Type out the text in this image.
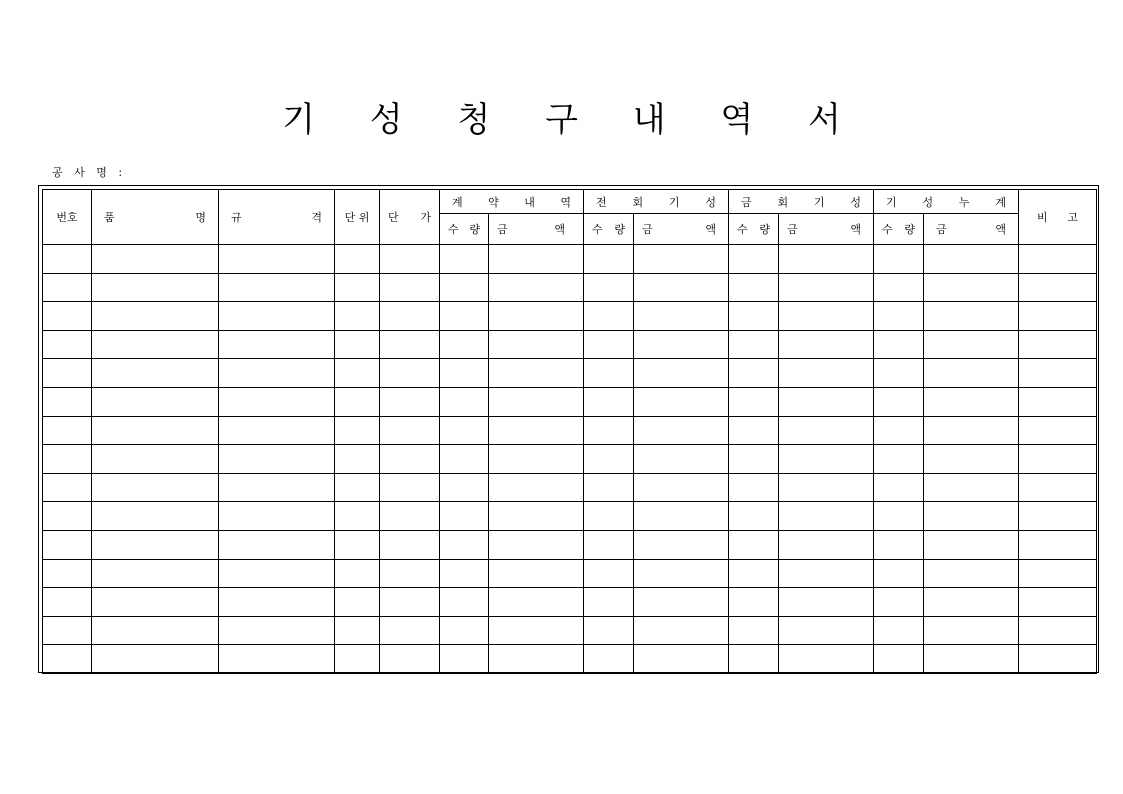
기 성 청 구 내 역 서
공 사 명 :
번호	품 명	규 격	단 위	단 가	계 약 내 역		전 회 기 성		금 회 기 성		기 성 누 계		비 고

					수 량	금 액	수 량	금 액	수 량	금 액	수 량	금 액	
